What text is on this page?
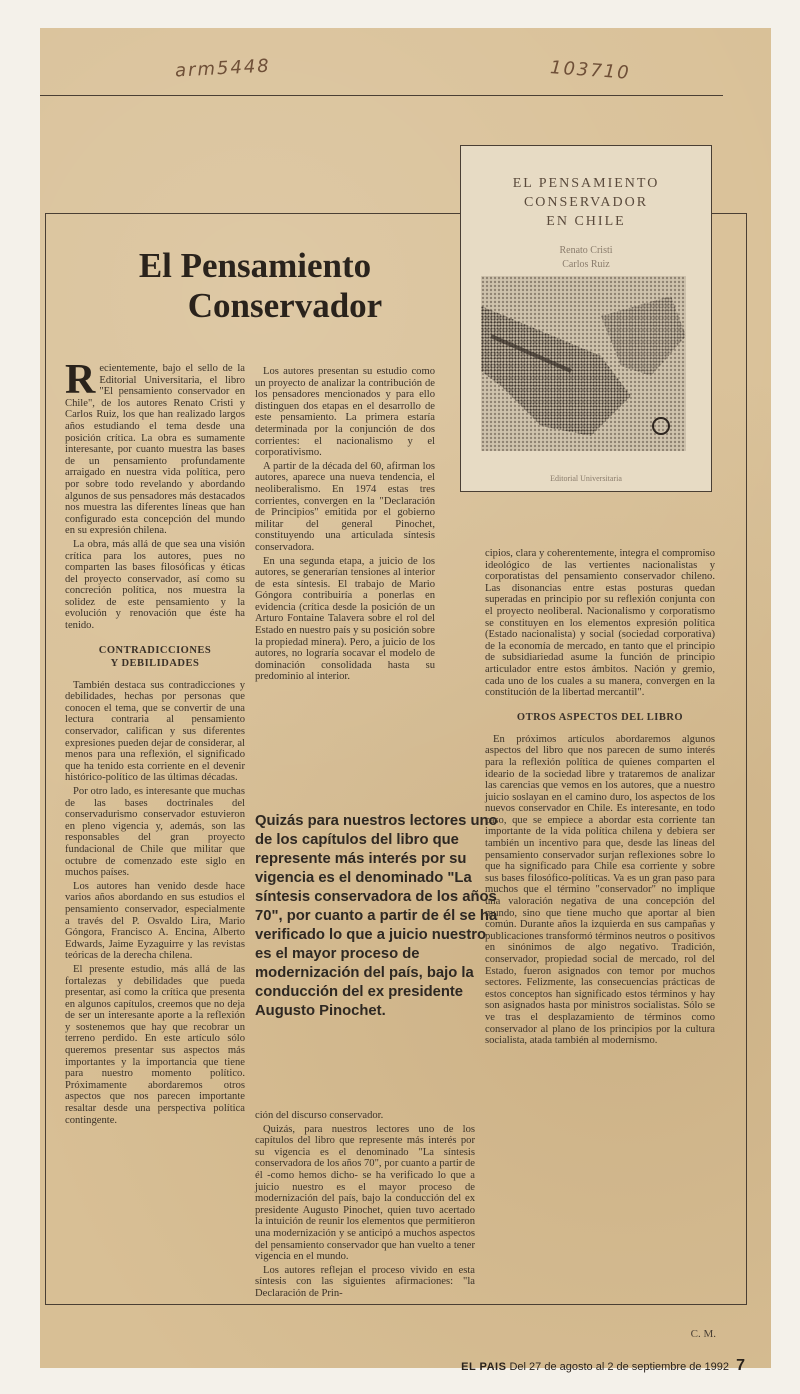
arm5448	103710
EL PENSAMIENTO
CONSERVADOR
EN CHILE
Renato Cristi
Carlos Ruiz
Editorial Universitaria
El Pensamiento
Conservador

Recientemente, bajo el sello de la Editorial Universitaria, el libro "El pensamiento conservador en Chile", de los autores Renato Cristi y Carlos Ruiz, los que han realizado largos años estudiando el tema desde una posición crítica. La obra es sumamente interesante, por cuanto muestra las bases de un pensamiento profundamente arraigado en nuestra vida política, pero por sobre todo revelando y abordando algunos de sus pensadores más destacados nos muestra las diferentes líneas que han configurado esta concepción del mundo en su expresión chilena.

La obra, más allá de que sea una visión crítica para los autores, pues no comparten las bases filosóficas y éticas del proyecto conservador, así como su concreción política, nos muestra la solidez de este pensamiento y la evolución y renovación que éste ha tenido.

CONTRADICCIONES
Y DEBILIDADES

También destaca sus contradicciones y debilidades, hechas por personas que conocen el tema, que se convertir de una lectura contraria al pensamiento conservador, califican y sus diferentes expresiones pueden dejar de considerar, al menos para una reflexión, el significado que ha tenido esta corriente en el devenir histórico-político de las últimas décadas.

Por otro lado, es interesante que muchas de las bases doctrinales del conservadurismo conservador estuvieron en pleno vigencia y, además, son las responsables del gran proyecto fundacional de Chile que militar que octubre de comenzado este siglo en muchos países.

Los autores han venido desde hace varios años abordando en sus estudios el pensamiento conservador, especialmente a través del P. Osvaldo Lira, Mario Góngora, Francisco A. Encina, Alberto Edwards, Jaime Eyzaguirre y las revistas teóricas de la derecha chilena.

El presente estudio, más allá de las fortalezas y debilidades que pueda presentar, así como la crítica que presenta en algunos capítulos, creemos que no deja de ser un interesante aporte a la reflexión y sostenemos que hay que recobrar un terreno perdido. En este artículo sólo queremos presentar sus aspectos más importantes y la importancia que tiene para nuestro momento político. Próximamente abordaremos otros aspectos que nos parecen importante resaltar desde una perspectiva política contingente.

Los autores presentan su estudio como un proyecto de analizar la contribución de los pensadores mencionados y para ello distinguen dos etapas en el desarrollo de este pensamiento. La primera estaría determinada por la conjunción de dos corrientes: el nacionalismo y el corporativismo.

A partir de la década del 60, afirman los autores, aparece una nueva tendencia, el neoliberalismo. En 1974 estas tres corrientes, convergen en la "Declaración de Principios" emitida por el gobierno militar del general Pinochet, constituyendo una articulada síntesis conservadora.

En una segunda etapa, a juicio de los autores, se generarían tensiones al interior de esta síntesis. El trabajo de Mario Góngora contribuiría a ponerlas en evidencia (crítica desde la posición de un Arturo Fontaine Talavera sobre el rol del Estado en nuestro país y su posición sobre la propiedad minera). Pero, a juicio de los autores, no lograría socavar el modelo de dominación consolidada hasta su predominio al interior.

Quizás para nuestros lectores uno de los capítulos del libro que represente más interés por su vigencia es el denominado "La síntesis conservadora de los años 70", por cuanto a partir de él se ha verificado lo que a juicio nuestro es el mayor proceso de modernización del país, bajo la conducción del ex presidente Augusto Pinochet.

ción del discurso conservador.

Quizás, para nuestros lectores uno de los capítulos del libro que represente más interés por su vigencia es el denominado "La síntesis conservadora de los años 70", por cuanto a partir de él -como hemos dicho- se ha verificado lo que a juicio nuestro es el mayor proceso de modernización del país, bajo la conducción del ex presidente Augusto Pinochet, quien tuvo acertado la intuición de reunir los elementos que permitieron una modernización y se anticipó a muchos aspectos del pensamiento conservador que han vuelto a tener vigencia en el mundo.

Los autores reflejan el proceso vivido en esta síntesis con las siguientes afirmaciones: "la Declaración de Prin-

cipios, clara y coherentemente, integra el compromiso ideológico de las vertientes nacionalistas y corporatistas del pensamiento conservador chileno. Las disonancias entre estas posturas quedan superadas en principio por su reflexión conjunta con el proyecto neoliberal. Nacionalismo y corporatismo se constituyen en los elementos expresión política (Estado nacionalista) y social (sociedad corporativa) de la economía de mercado, en tanto que el principio de subsidiariedad asume la función de principio articulador entre estos ámbitos. Nación y gremio, cada uno de los cuales a su manera, convergen en la constitución de la libertad mercantil".

OTROS ASPECTOS DEL LIBRO

En próximos artículos abordaremos algunos aspectos del libro que nos parecen de sumo interés para la reflexión política de quienes comparten el ideario de la sociedad libre y trataremos de analizar las carencias que vemos en los autores, que a nuestro juicio soslayan en el camino duro, los aspectos de los nuevos conservador en Chile. Es interesante, en todo caso, que se empiece a abordar esta corriente tan importante de la vida política chilena y debiera ser también un incentivo para que, desde las líneas del pensamiento conservador surjan reflexiones sobre lo que ha significado para Chile esa corriente y sobre sus bases filosófico-políticas. Va es un gran paso para muchos que el término "conservador" no implique una valoración negativa de una concepción del mundo, sino que tiene mucho que aportar al bien común. Durante años la izquierda en sus campañas y publicaciones transformó términos neutros o positivos en sinónimos de algo negativo. Tradición, conservador, propiedad social de mercado, rol del Estado, fueron asignados con temor por muchos sectores. Felizmente, las consecuencias prácticas de estos conceptos han significado estos términos y hay son asignados hasta por ministros socialistas. Sólo se ve tras el desplazamiento de términos como conservador al plano de los principios por la cultura socialista, atada también al modernismo.

EL PAIS Del 27 de agosto al 2 de septiembre de 1992 7
C. M.
